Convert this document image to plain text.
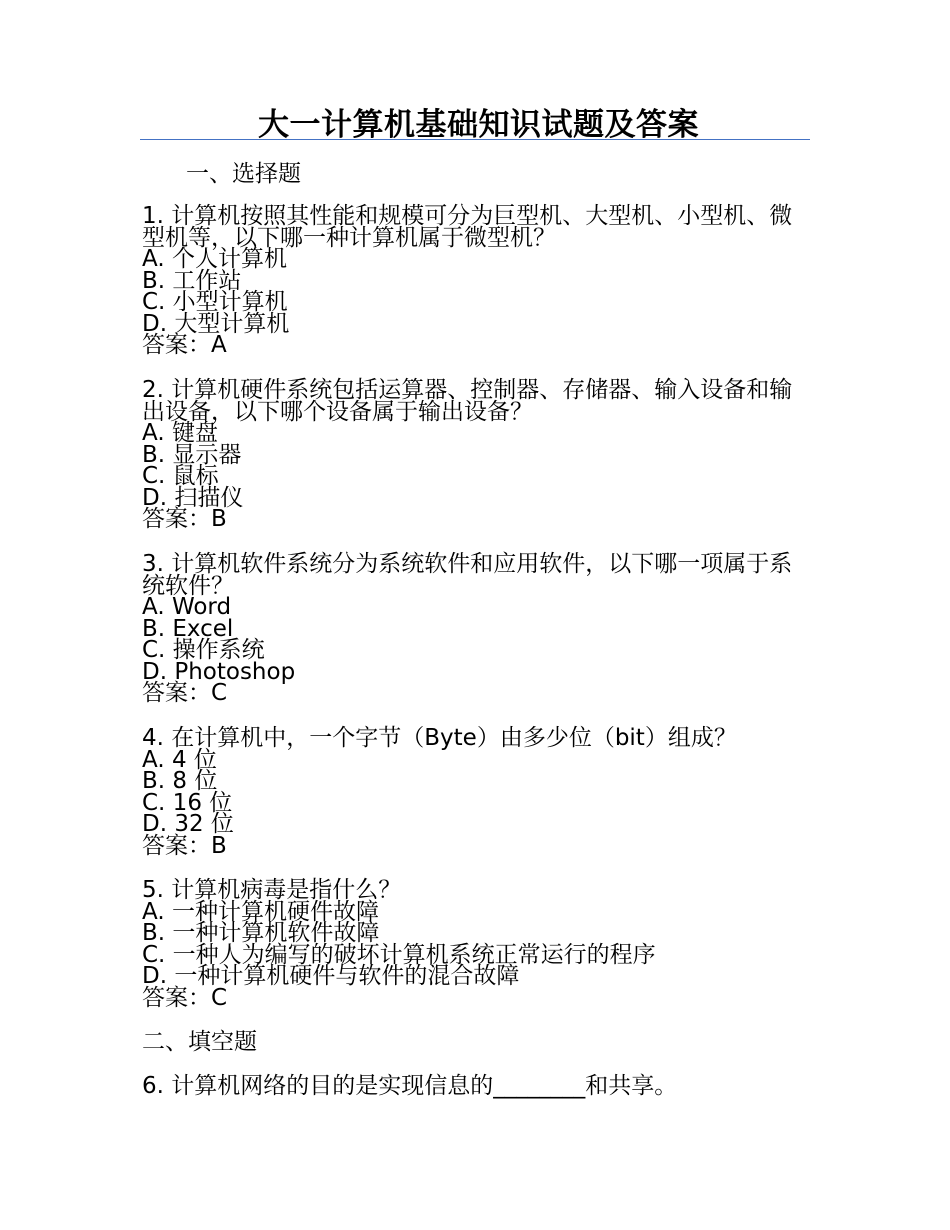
大一计算机基础知识试题及答案
一、选择题
1. 计算机按照其性能和规模可分为巨型机、大型机、小型机、微型机等，以下哪一种计算机属于微型机？
A. 个人计算机
B. 工作站
C. 小型计算机
D. 大型计算机
答案：A
2. 计算机硬件系统包括运算器、控制器、存储器、输入设备和输出设备，以下哪个设备属于输出设备？
A. 键盘
B. 显示器
C. 鼠标
D. 扫描仪
答案：B
3. 计算机软件系统分为系统软件和应用软件，以下哪一项属于系统软件？
A. Word
B. Excel
C. 操作系统
D. Photoshop
答案：C
4. 在计算机中，一个字节（Byte）由多少位（bit）组成？
A. 4 位
B. 8 位
C. 16 位
D. 32 位
答案：B
5. 计算机病毒是指什么？
A. 一种计算机硬件故障
B. 一种计算机软件故障
C. 一种人为编写的破坏计算机系统正常运行的程序
D. 一种计算机硬件与软件的混合故障
答案：C
二、填空题
6. 计算机网络的目的是实现信息的________和共享。
